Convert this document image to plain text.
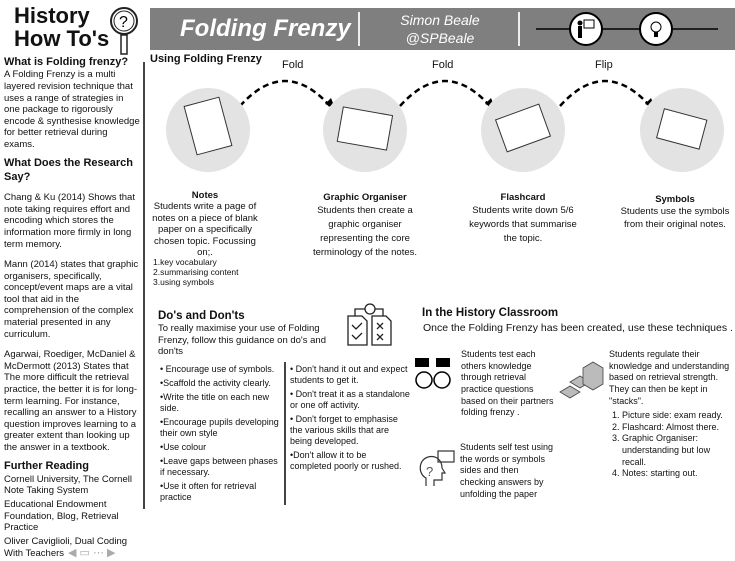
History
How To's
?
What is Folding frenzy?

A Folding Frenzy is a multi layered revision technique that uses a range of strategies in one package to rigorously encode & synthesise knowledge for better retrieval during exams.

What Does the Research Say?

Chang & Ku (2014) Shows that note taking requires effort and encoding which stores the information more firmly in long term memory.

Mann (2014) states that graphic organisers, specifically, concept/event maps are a vital tool that aid in the comprehension of the complex material presented in any curriculum.

Agarwai, Roediger, McDaniel & McDermott (2013) States that The more difficult the retrieval practice, the better it is for long-term learning. For instance, recalling an answer to a History question improves learning to a greater extent than looking up the answer in a textbook.

Further Reading
Cornell University, The Cornell Note Taking System
Educational Endowment Foundation, Blog, Retrieval Practice
Oliver Caviglioli, Dual Coding With Teachers ◀ ▭ ⋯ ▶
Folding Frenzy	Simon Beale
@SPBeale
Using Folding Frenzy Fold	Fold	Flip
Notes
Students write a page of notes on a piece of blank paper on a specifically chosen topic. Focussing on;.
1.key vocabulary
2.summarising content
3.using symbols
Graphic Organiser
Students then create a graphic organiser representing the core terminology of the notes.
Flashcard
Students write down 5/6 keywords that summarise the topic.
Symbols
Students use the symbols from their original notes.
Do's and Don'ts
To really maximise your use of Folding Frenzy, follow this guidance on do's and don'ts
• Encourage use of symbols.
•Scaffold the activity clearly.
•Write the title on each new side.
•Encourage pupils developing their own style
•Use colour
•Leave gaps between phases if necessary.
•Use it often for retrieval practice
• Don't hand it out and expect students to get it.
• Don't treat it as a standalone or one off activity.
• Don't forget to emphasise the various skills that are being developed.
•Don't allow it to be completed poorly or rushed.
In the History Classroom
Once the Folding Frenzy has been created, use these techniques .
Students test each others knowledge through retrieval practice questions based on their partners folding frenzy .
?
Students self test using the words or symbols sides and then checking answers by unfolding the paper
Students regulate their knowledge and understanding based on retrieval strength. They can then be kept in "stacks".
1. Picture side: exam ready.
2. Flashcard: Almost there.
3. Graphic Organiser: understanding but low recall.
4. Notes: starting out.
